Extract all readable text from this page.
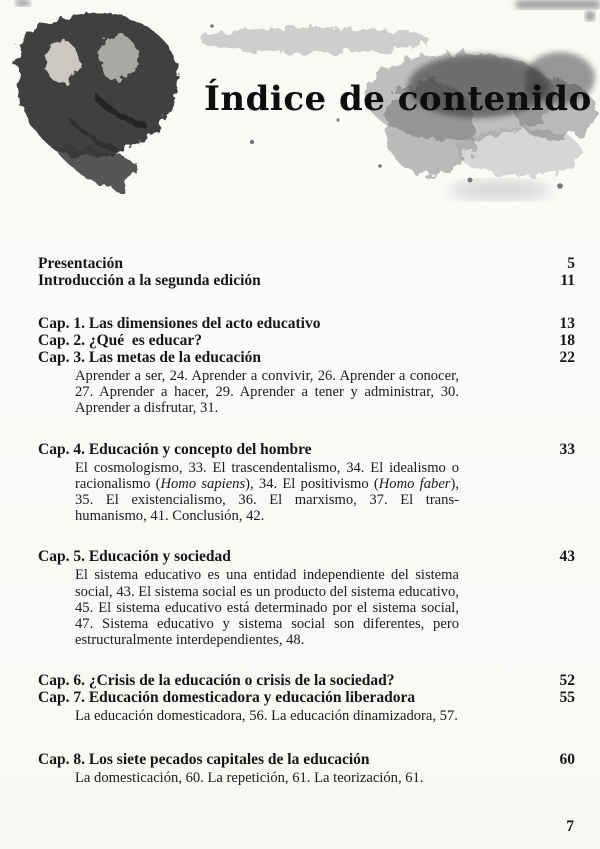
Índice de contenido
Presentación	5
Introducción a la segunda edición	11
Cap. 1. Las dimensiones del acto educativo	13
Cap. 2. ¿Qué  es educar?	18
Cap. 3. Las metas de la educación	22

Aprender a ser, 24. Aprender a convivir, 26. Aprender a conocer, 27. Aprender a hacer, 29. Aprender a tener y administrar, 30. Aprender a disfrutar, 31.

Cap. 4. Educación y concepto del hombre	33

El cosmologismo, 33. El trascendentalismo, 34. El idealismo o racionalismo (Homo sapiens), 34. El positivismo (Homo faber), 35. El existencialismo, 36. El marxismo, 37. El trans-humanismo, 41. Conclusión, 42.

Cap. 5. Educación y sociedad	43

El sistema educativo es una entidad independiente del sistema social, 43. El sistema social es un producto del sistema educativo, 45. El sistema educativo está determinado por el sistema social, 47. Sistema educativo y sistema social son diferentes, pero estructuralmente interdependientes, 48.

Cap. 6. ¿Crisis de la educación o crisis de la sociedad?	52
Cap. 7. Educación domesticadora y educación liberadora	55

La educación domesticadora, 56. La educación dinamizadora, 57.

Cap. 8. Los siete pecados capitales de la educación	60

La domesticación, 60. La repetición, 61. La teorización, 61.

7
